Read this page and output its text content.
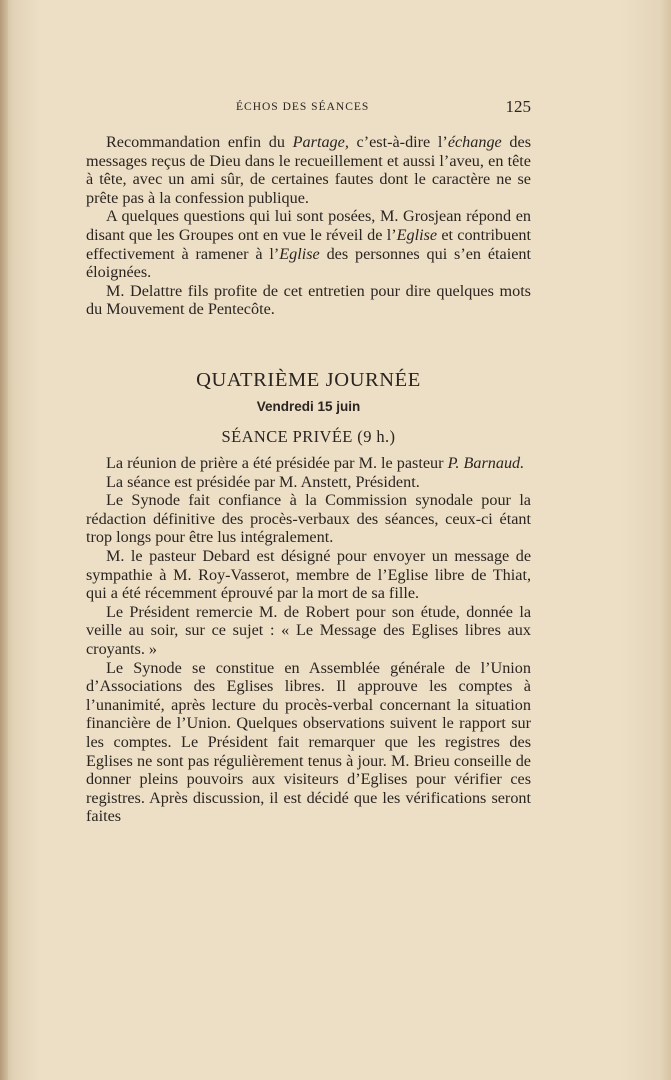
ÉCHOS DES SÉANCES	125

Recommandation enfin du Partage, c’est-à-dire l’échange des messages reçus de Dieu dans le recueillement et aussi l’aveu, en tête à tête, avec un ami sûr, de certaines fautes dont le caractère ne se prête pas à la confession publique.

A quelques questions qui lui sont posées, M. Grosjean répond en disant que les Groupes ont en vue le réveil de l’Eglise et contribuent effectivement à ramener à l’Eglise des personnes qui s’en étaient éloignées.

M. Delattre fils profite de cet entretien pour dire quelques mots du Mouvement de Pentecôte.

QUATRIÈME JOURNÉE
Vendredi 15 juin
SÉANCE PRIVÉE (9 h.)

La réunion de prière a été présidée par M. le pasteur P. Barnaud.

La séance est présidée par M. Anstett, Président.

Le Synode fait confiance à la Commission synodale pour la rédaction définitive des procès-verbaux des séances, ceux-ci étant trop longs pour être lus intégralement.

M. le pasteur Debard est désigné pour envoyer un message de sympathie à M. Roy-Vasserot, membre de l’Eglise libre de Thiat, qui a été récemment éprouvé par la mort de sa fille.

Le Président remercie M. de Robert pour son étude, donnée la veille au soir, sur ce sujet : « Le Message des Eglises libres aux croyants. »

Le Synode se constitue en Assemblée générale de l’Union d’Associations des Eglises libres. Il approuve les comptes à l’unanimité, après lecture du procès-verbal concernant la situation financière de l’Union. Quelques observations suivent le rapport sur les comptes. Le Président fait remarquer que les registres des Eglises ne sont pas régulièrement tenus à jour. M. Brieu conseille de donner pleins pouvoirs aux visiteurs d’Eglises pour vérifier ces registres. Après discussion, il est décidé que les vérifications seront faites
